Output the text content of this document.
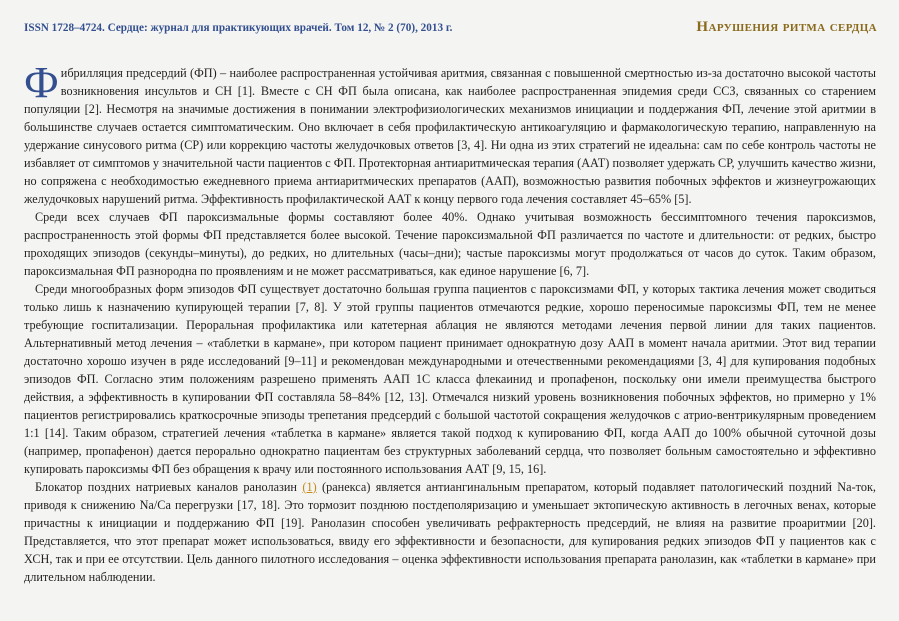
ISSN 1728–4724. Сердце: журнал для практикующих врачей. Том 12, № 2 (70), 2013 г.	Нарушения ритма сердца

Фибрилляция предсердий (ФП) – наиболее распространенная устойчивая аритмия, связанная с повышенной смертностью из-за достаточно высокой частоты возникновения инсультов и СН [1]. Вместе с СН ФП была описана, как наиболее распространенная эпидемия среди ССЗ, связанных со старением популяции [2]. Несмотря на значимые достижения в понимании электрофизиологических механизмов инициации и поддержания ФП, лечение этой аритмии в большинстве случаев остается симптоматическим. Оно включает в себя профилактическую антикоагуляцию и фармакологическую терапию, направленную на удержание синусового ритма (СР) или коррекцию частоты желудочковых ответов [3, 4]. Ни одна из этих стратегий не идеальна: сам по себе контроль частоты не избавляет от симптомов у значительной части пациентов с ФП. Протекторная антиаритмическая терапия (ААТ) позволяет удержать СР, улучшить качество жизни, но сопряжена с необходимостью ежедневного приема антиаритмических препаратов (ААП), возможностью развития побочных эффектов и жизнеугрожающих желудочковых нарушений ритма. Эффективность профилактической ААТ к концу первого года лечения составляет 45–65% [5].

Среди всех случаев ФП пароксизмальные формы составляют более 40%. Однако учитывая возможность бессимптомного течения пароксизмов, распространенность этой формы ФП представляется более высокой. Течение пароксизмальной ФП различается по частоте и длительности: от редких, быстро проходящих эпизодов (секунды–минуты), до редких, но длительных (часы–дни); частые пароксизмы могут продолжаться от часов до суток. Таким образом, пароксизмальная ФП разнородна по проявлениям и не может рассматриваться, как единое нарушение [6, 7].

Среди многообразных форм эпизодов ФП существует достаточно большая группа пациентов с пароксизмами ФП, у которых тактика лечения может сводиться только лишь к назначению купирующей терапии [7, 8]. У этой группы пациентов отмечаются редкие, хорошо переносимые пароксизмы ФП, тем не менее требующие госпитализации. Пероральная профилактика или катетерная аблация не являются методами лечения первой линии для таких пациентов. Альтернативный метод лечения – «таблетки в кармане», при котором пациент принимает однократную дозу ААП в момент начала аритмии. Этот вид терапии достаточно хорошо изучен в ряде исследований [9–11] и рекомендован международными и отечественными рекомендациями [3, 4] для купирования подобных эпизодов ФП. Согласно этим положениям разрешено применять ААП 1С класса флекаинид и пропафенон, поскольку они имели преимущества быстрого действия, а эффективность в купировании ФП составляла 58–84% [12, 13]. Отмечался низкий уровень возникновения побочных эффектов, но примерно у 1% пациентов регистрировались краткосрочные эпизоды трепетания предсердий с большой частотой сокращения желудочков с атрио-вентрикулярным проведением 1:1 [14]. Таким образом, стратегией лечения «таблетка в кармане» является такой подход к купированию ФП, когда ААП до 100% обычной суточной дозы (например, пропафенон) дается перорально однократно пациентам без структурных заболеваний сердца, что позволяет больным самостоятельно и эффективно купировать пароксизмы ФП без обращения к врачу или постоянного использования ААТ [9, 15, 16].

Блокатор поздних натриевых каналов ранолазин (1) (ранекса) является антиангинальным препаратом, который подавляет патологический поздний Na-ток, приводя к снижению Na/Ca перегрузки [17, 18]. Это тормозит позднюю постдеполяризацию и уменьшает эктопическую активность в легочных венах, которые причастны к инициации и поддержанию ФП [19]. Ранолазин способен увеличивать рефрактерность предсердий, не влияя на развитие проаритмии [20]. Представляется, что этот препарат может использоваться, ввиду его эффективности и безопасности, для купирования редких эпизодов ФП у пациентов как с ХСН, так и при ее отсутствии. Цель данного пилотного исследования – оценка эффективности использования препарата ранолазин, как «таблетки в кармане» при длительном наблюдении.
